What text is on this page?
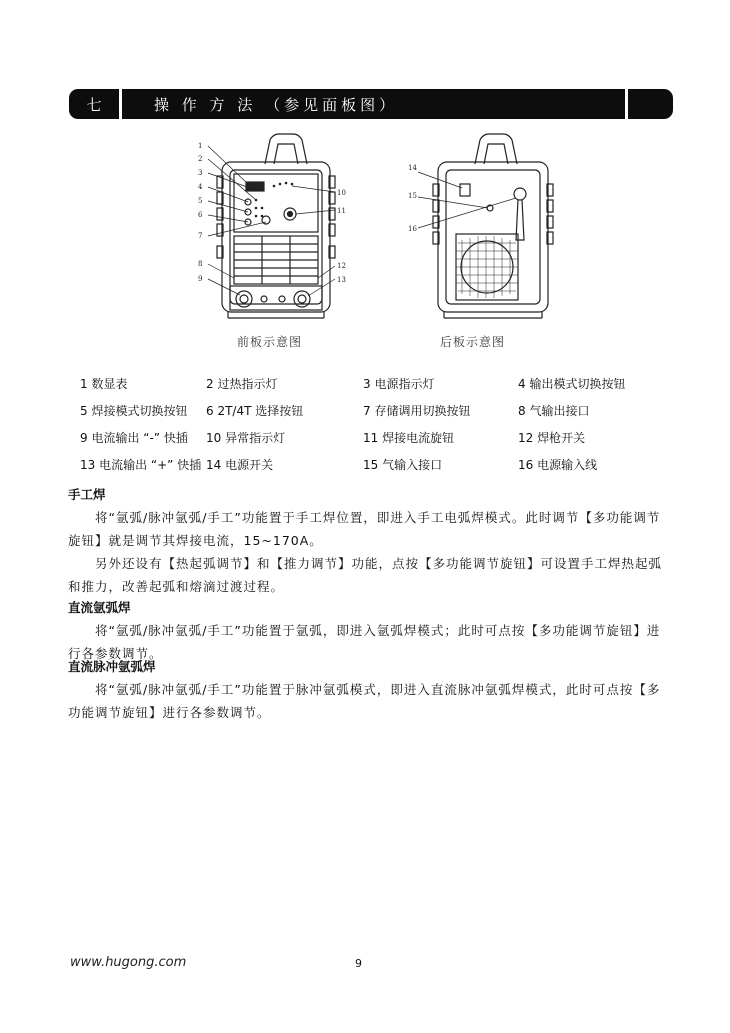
七	操 作 方 法 （参见面板图）
1
2
3
4
5
6
7
8
9
10
11
12
13
14
15
16
前板示意图	后板示意图
1 数显表	2 过热指示灯	3 电源指示灯	4 输出模式切换按钮
5 焊接模式切换按钮 6 2T/4T 选择按钮	7 存储调用切换按钮	8 气输出接口
9 电流输出 “-” 快插 10 异常指示灯	11 焊接电流旋钮	12 焊枪开关
13 电流输出 “+” 快插 14 电源开关	15 气输入接口	16 电源输入线
手工焊
将“氩弧/脉冲氩弧/手工”功能置于手工焊位置，即进入手工电弧焊模式。此时调节【多功能调节旋钮】就是调节其焊接电流，15~170A。
另外还设有【热起弧调节】和【推力调节】功能，点按【多功能调节旋钮】可设置手工焊热起弧和推力，改善起弧和熔滴过渡过程。
直流氩弧焊
将“氩弧/脉冲氩弧/手工”功能置于氩弧，即进入氩弧焊模式；此时可点按【多功能调节旋钮】进行各参数调节。
直流脉冲氩弧焊
将“氩弧/脉冲氩弧/手工”功能置于脉冲氩弧模式，即进入直流脉冲氩弧焊模式，此时可点按【多功能调节旋钮】进行各参数调节。
www.hugong.com	9
